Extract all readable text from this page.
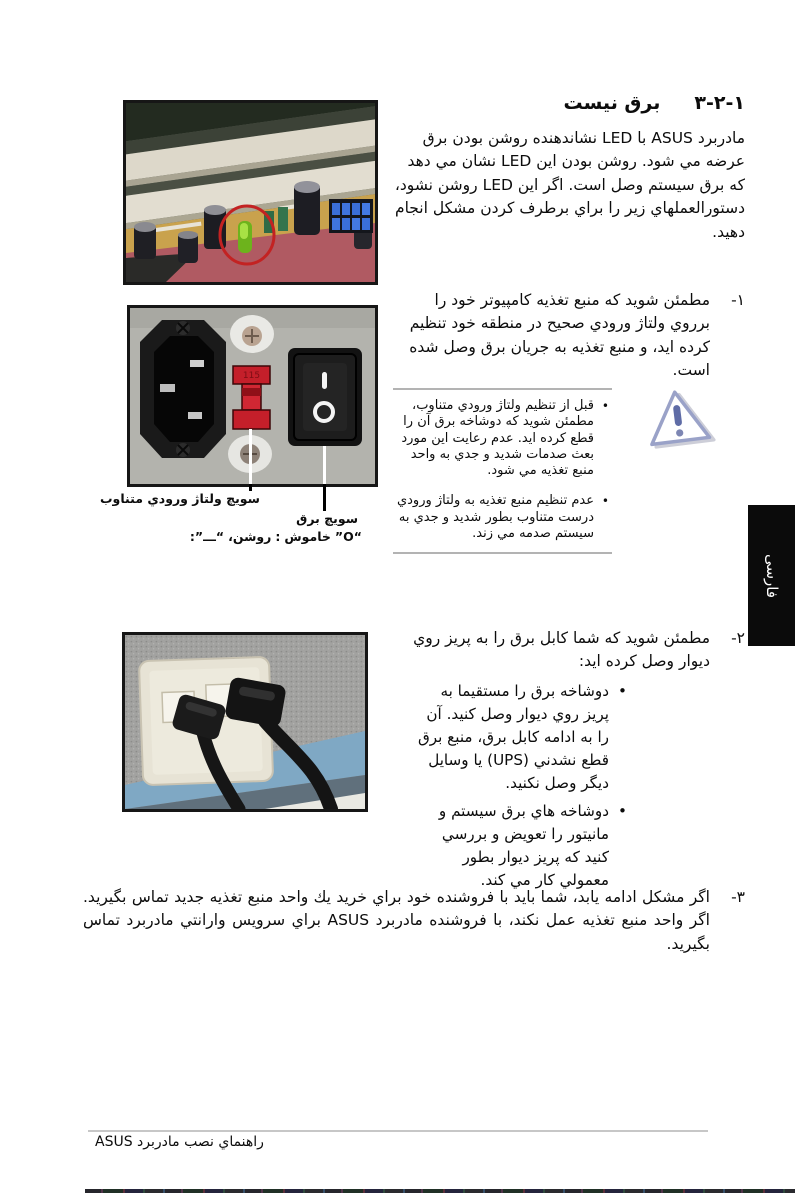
١-٢-٣
برق نيست
مادربرد ASUS با LED نشاندهنده روشن بودن برق عرضه مي شود. روشن بودن اين LED نشان مي دهد که برق سيستم وصل است. اگر اين LED روشن نشود، دستورالعملهاي زير را براي برطرف کردن مشکل انجام دهيد.
١-
مطمئن شويد که منبع تغذيه کامپيوتر خود را برروي ولتاژ ورودي صحيح در منطقه خود تنظيم کرده ايد، و منبع تغذيه به جريان برق وصل شده است.
•
قبل از تنظيم ولتاژ ورودي متناوب، مطمئن شويد که دوشاخه برق آن را قطع کرده ايد. عدم رعايت اين مورد بعث صدمات شديد و جدي به واحد منبع تغذيه مي شود.
•
عدم تنظيم منبع تغذيه به ولتاژ ورودي درست متناوب بطور شديد و جدي به سيستم صدمه مي زند.
115
سويچ ولتاژ ورودي متناوب
سويچ برق
“ـــ”: روشن، : خاموش “O”
٢-
مطمئن شويد که شما کابل برق را به پريز روي ديوار وصل کرده ايد:
•
دوشاخه برق را مستقيما به پريز روي ديوار وصل کنيد. آن را به ادامه کابل برق، منبع برق قطع نشدني (UPS) يا وسايل ديگر وصل نکنيد.
•
دوشاخه هاي برق سيستم و مانيتور را تعويض و بررسي کنيد که پريز ديوار بطور معمولي کار مي کند.
٣-
اگر مشکل ادامه يابد، شما بايد با فروشنده خود براي خريد يك واحد منبع تغذيه جديد تماس بگيريد. اگر واحد منبع تغذيه عمل نکند، با فروشنده مادربرد ASUS براي سرويس وارانتي مادربرد تماس بگيريد.
فارسی
راهنماي نصب مادربرد ASUS
